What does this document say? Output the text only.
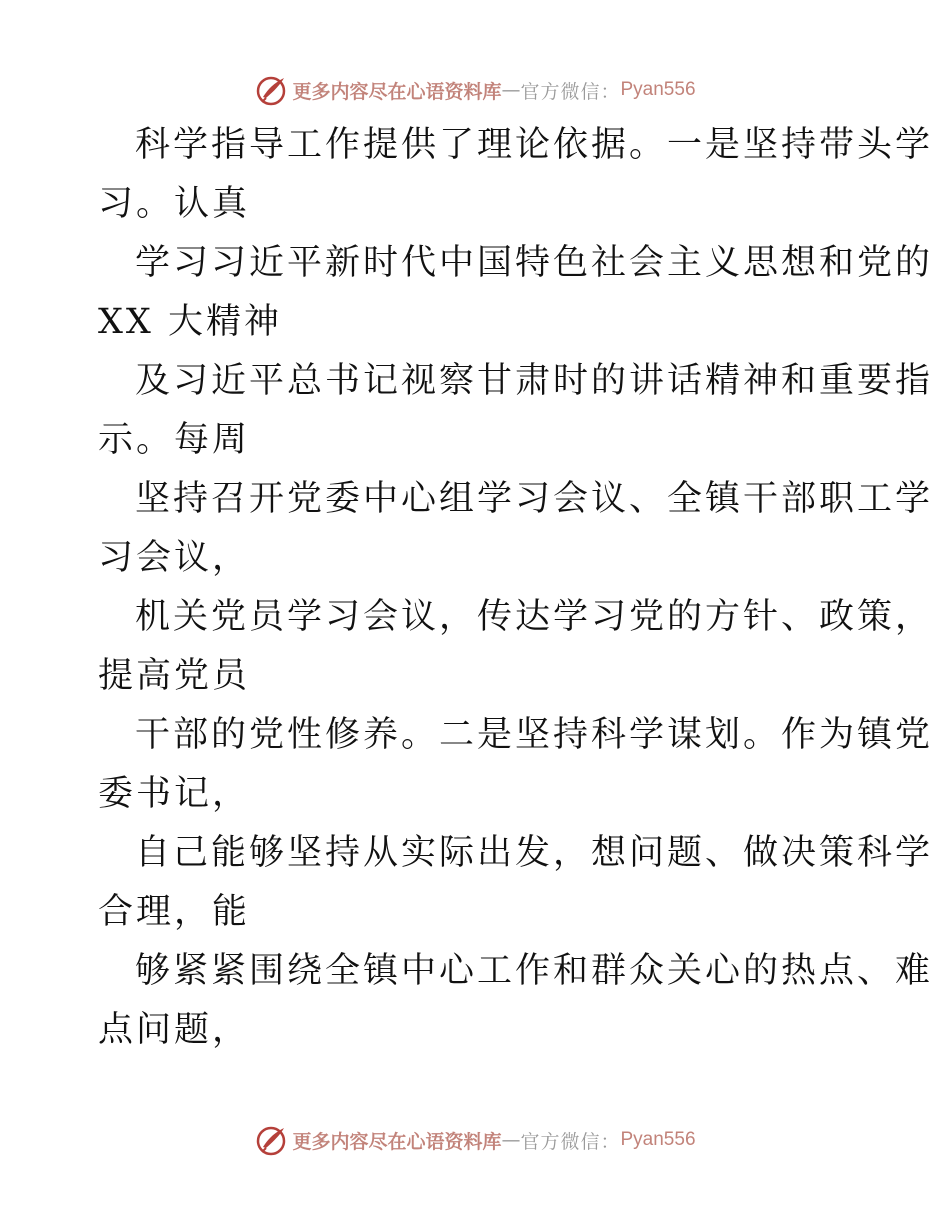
更多内容尽在心语资料库 — 官方微信： Pyan556

科学指导工作提供了理论依据。一是坚持带头学

习。认真

学习习近平新时代中国特色社会主义思想和党的

XX 大精神

及习近平总书记视察甘肃时的讲话精神和重要指

示。每周

坚持召开党委中心组学习会议、全镇干部职工学

习会议，

机关党员学习会议，传达学习党的方针、政策，

提高党员

干部的党性修养。二是坚持科学谋划。作为镇党

委书记，

自己能够坚持从实际出发，想问题、做决策科学

合理，能

够紧紧围绕全镇中心工作和群众关心的热点、难

点问题，

更多内容尽在心语资料库 — 官方微信： Pyan556
